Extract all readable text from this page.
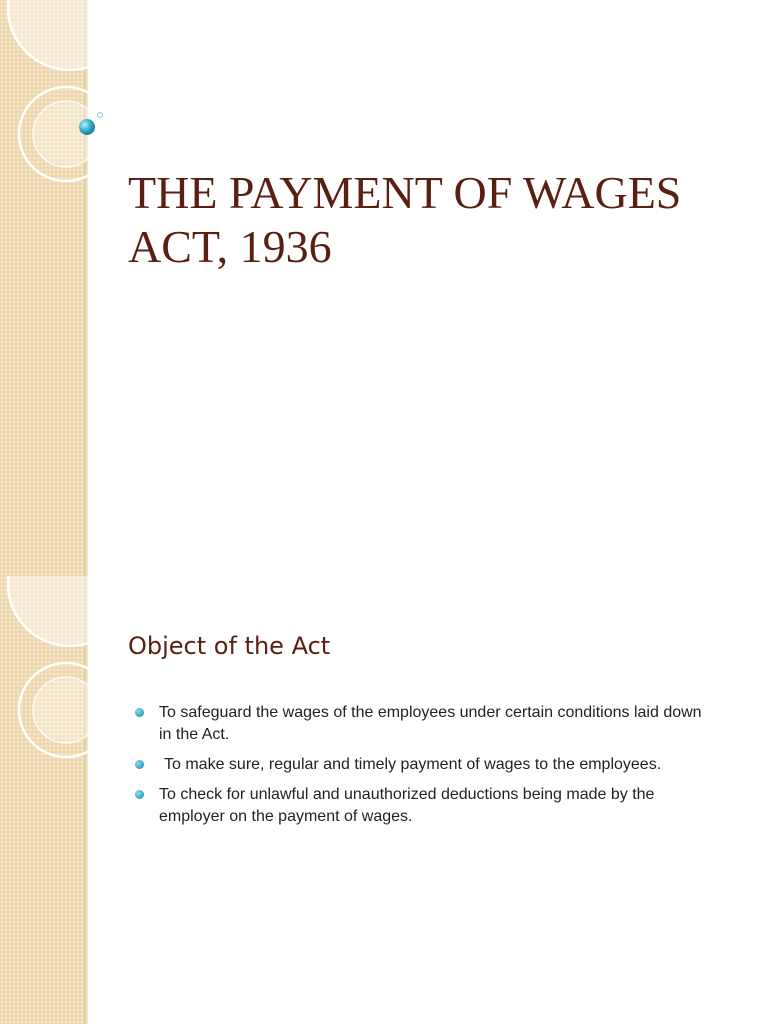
THE PAYMENT OF WAGES ACT, 1936
Object of the Act
To safeguard the wages of the employees under certain conditions laid down in the Act.
To make sure, regular and timely payment of wages to the employees.
To check for unlawful and unauthorized deductions being made by the employer on the payment of wages.
